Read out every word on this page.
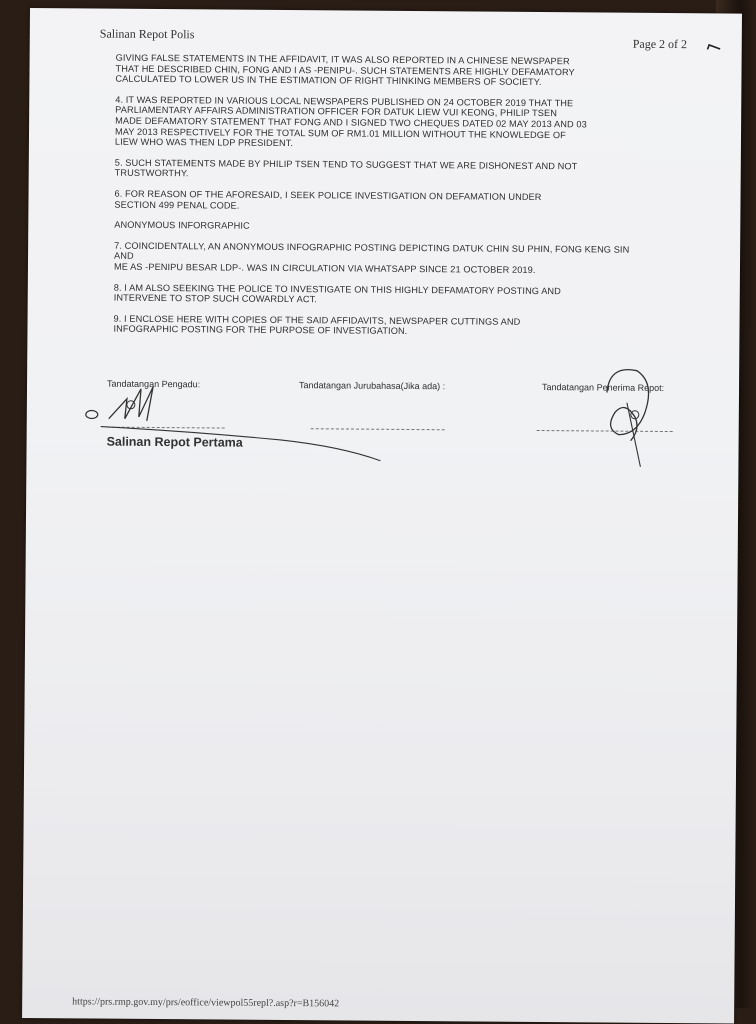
Salinan Repot Polis
Page 2 of 2 ⌐

GIVING FALSE STATEMENTS IN THE AFFIDAVIT, IT WAS ALSO REPORTED IN A CHINESE NEWSPAPER
THAT HE DESCRIBED CHIN, FONG AND I AS -PENIPU-. SUCH STATEMENTS ARE HIGHLY DEFAMATORY
CALCULATED TO LOWER US IN THE ESTIMATION OF RIGHT THINKING MEMBERS OF SOCIETY.

4. IT WAS REPORTED IN VARIOUS LOCAL NEWSPAPERS PUBLISHED ON 24 OCTOBER 2019 THAT THE
PARLIAMENTARY AFFAIRS ADMINISTRATION OFFICER FOR DATUK LIEW VUI KEONG, PHILIP TSEN
MADE DEFAMATORY STATEMENT THAT FONG AND I SIGNED TWO CHEQUES DATED 02 MAY 2013 AND 03
MAY 2013 RESPECTIVELY FOR THE TOTAL SUM OF RM1.01 MILLION WITHOUT THE KNOWLEDGE OF
LIEW WHO WAS THEN LDP PRESIDENT.

5. SUCH STATEMENTS MADE BY PHILIP TSEN TEND TO SUGGEST THAT WE ARE DISHONEST AND NOT
TRUSTWORTHY.

6. FOR REASON OF THE AFORESAID, I SEEK POLICE INVESTIGATION ON DEFAMATION UNDER
SECTION 499 PENAL CODE.

ANONYMOUS INFORGRAPHIC

7. COINCIDENTALLY, AN ANONYMOUS INFOGRAPHIC POSTING DEPICTING DATUK CHIN SU PHIN, FONG KENG SIN
AND
ME AS -PENIPU BESAR LDP-. WAS IN CIRCULATION VIA WHATSAPP SINCE 21 OCTOBER 2019.

8. I AM ALSO SEEKING THE POLICE TO INVESTIGATE ON THIS HIGHLY DEFAMATORY POSTING AND
INTERVENE TO STOP SUCH COWARDLY ACT.

9. I ENCLOSE HERE WITH COPIES OF THE SAID AFFIDAVITS, NEWSPAPER CUTTINGS AND
INFOGRAPHIC POSTING FOR THE PURPOSE OF INVESTIGATION.

Tandatangan Pengadu:	Tandatangan Jurubahasa(Jika ada) :	Tandatangan Penerima Repot:
Salinan Repot Pertama
https://prs.rmp.gov.my/prs/eoffice/viewpol55repl?.asp?r=B156042
